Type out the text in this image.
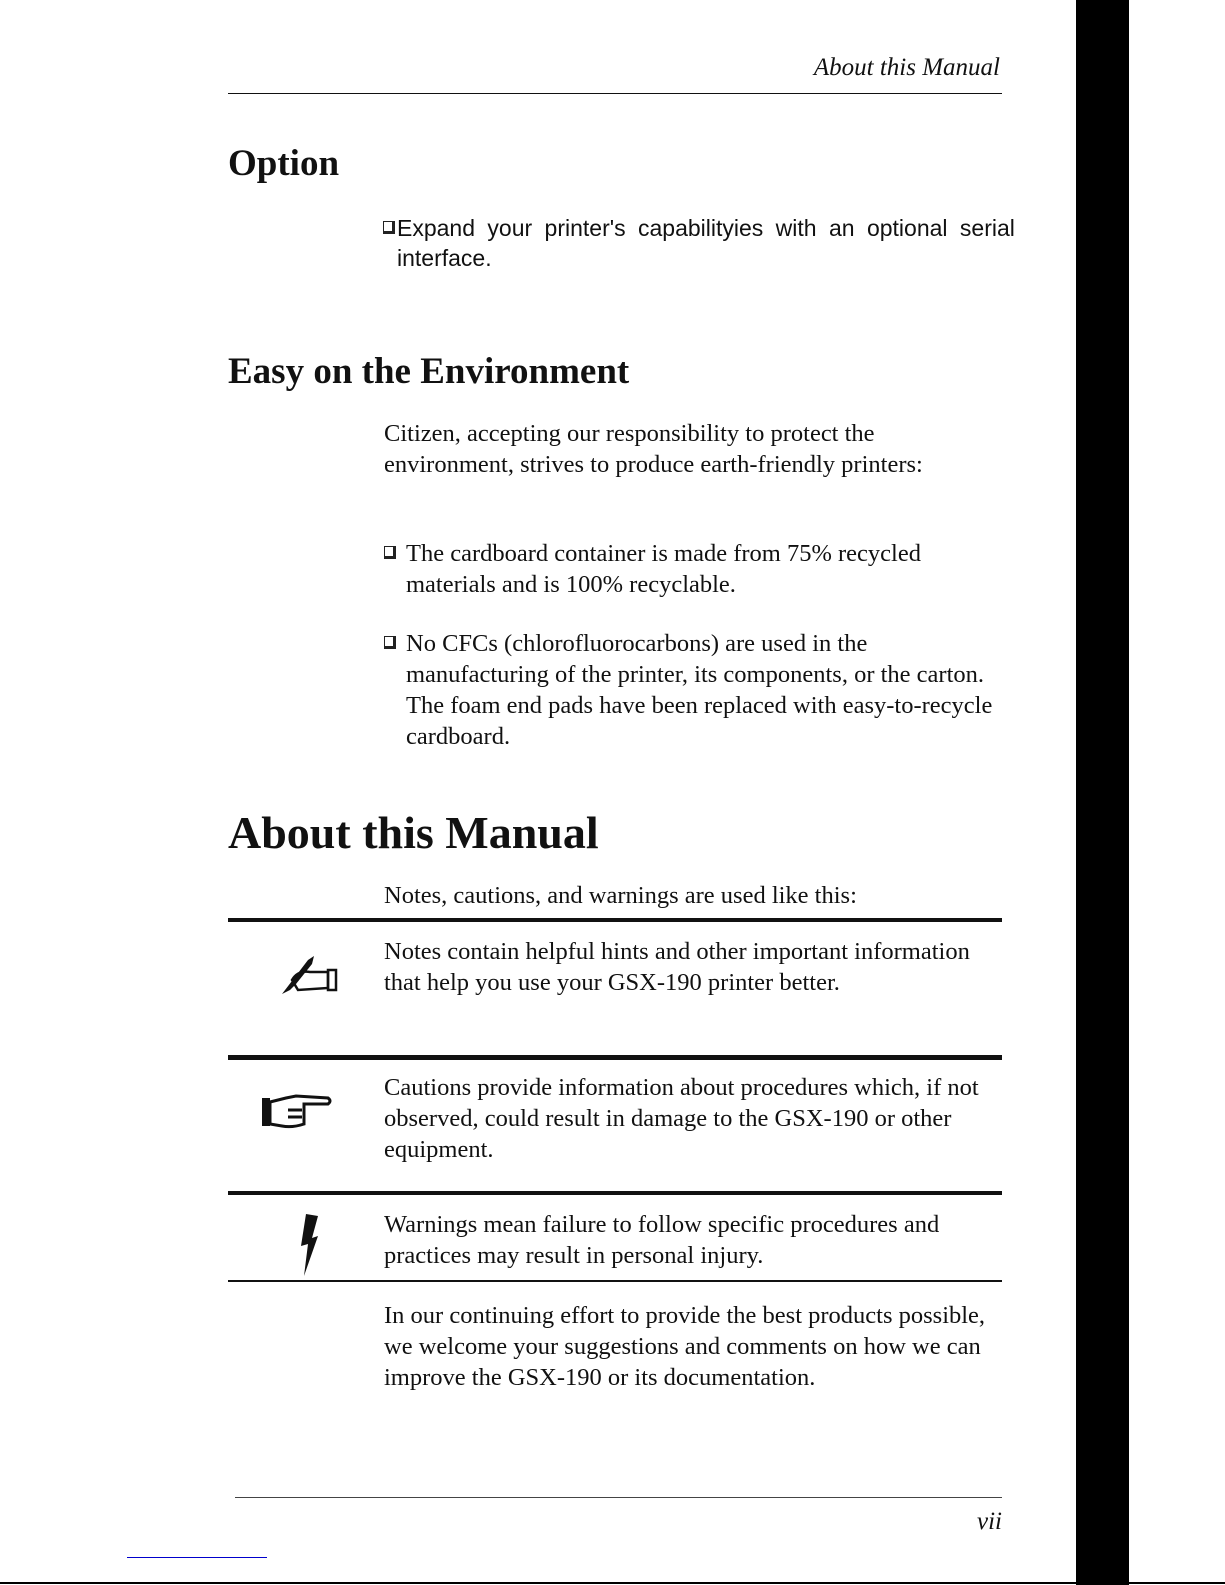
About this Manual
Option
Expand your printer's capabilityies with an optional serial interface.
Easy on the Environment
Citizen, accepting our responsibility to protect the environment, strives to produce earth-friendly printers:
The cardboard container is made from 75% recycled materials and is 100% recyclable.
No CFCs (chlorofluorocarbons) are used in the manufacturing of the printer, its components, or the carton. The foam end pads have been replaced with easy-to-recycle cardboard.
About this Manual
Notes, cautions, and warnings are used like this:
Notes contain helpful hints and other important information that help you use your GSX-190 printer better.
Cautions provide information about procedures which, if not observed, could result in damage to the GSX-190 or other equipment.
Warnings mean failure to follow specific procedures and practices may result in personal injury.
In our continuing effort to provide the best products possible, we welcome your suggestions and comments on how we can improve the GSX-190 or its documentation.
vii
